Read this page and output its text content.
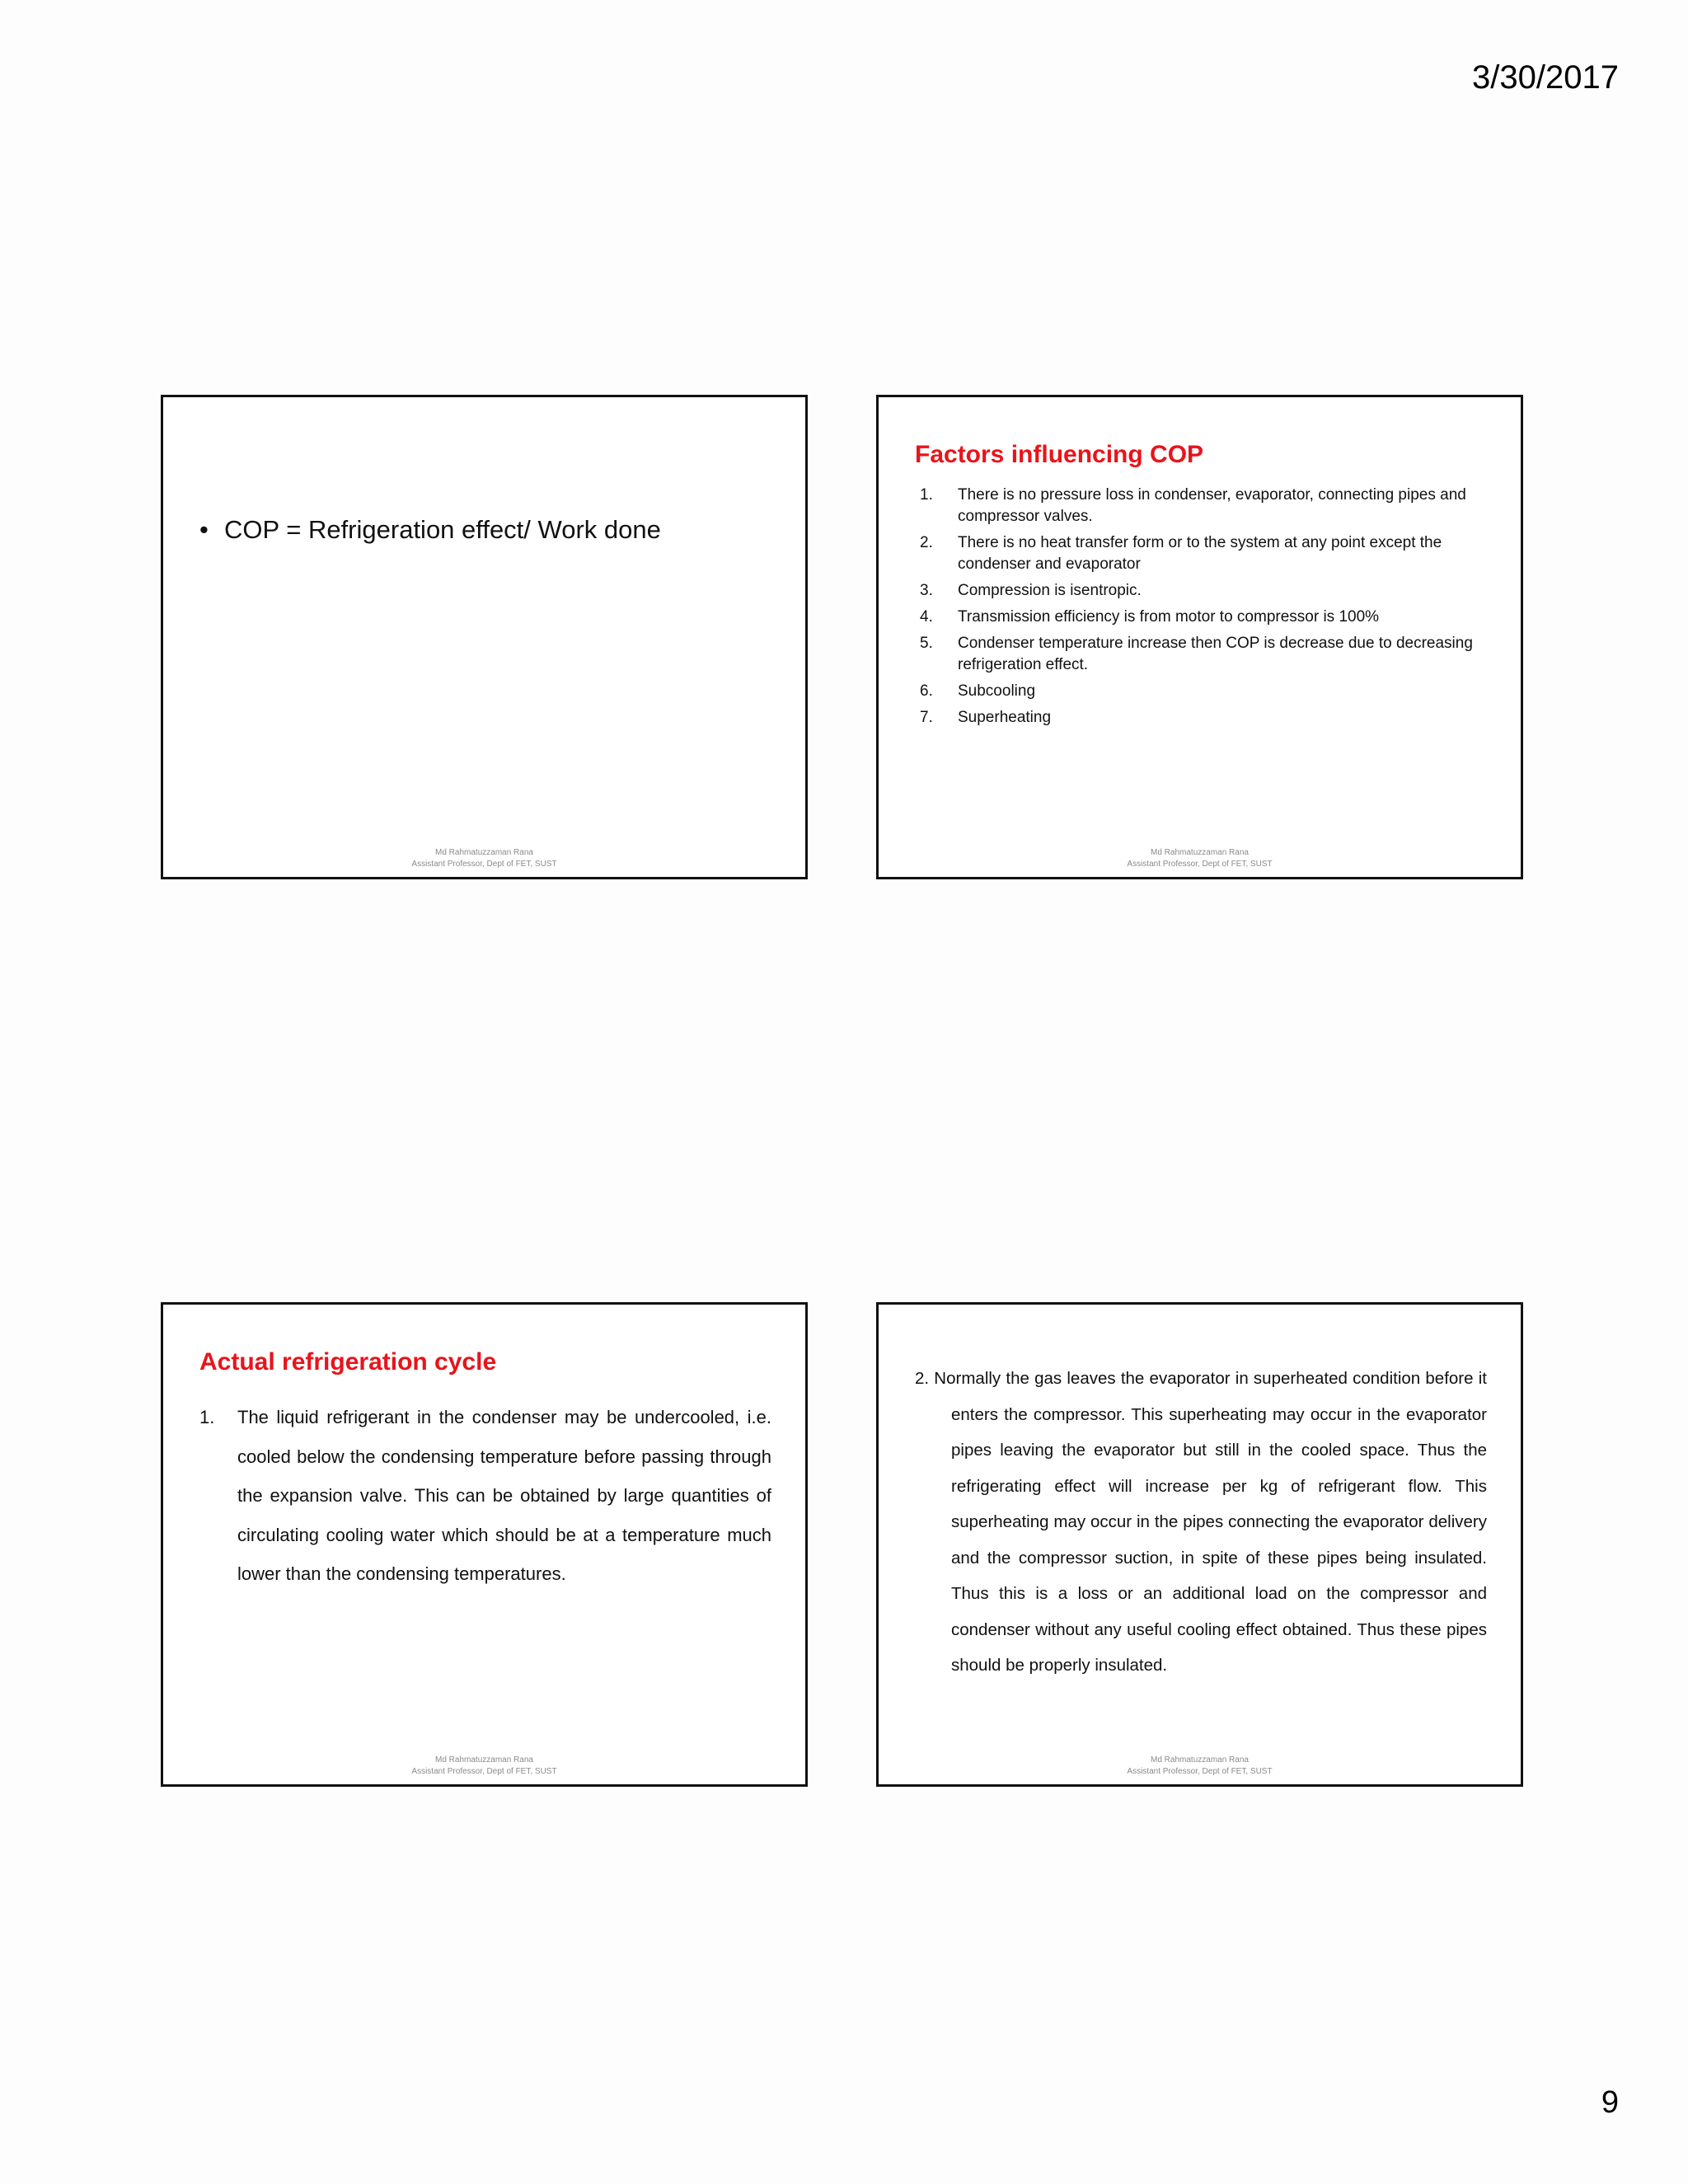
3/30/2017
• COP = Refrigeration effect/ Work done
Md Rahmatuzzaman Rana
Assistant Professor, Dept of FET, SUST
Factors influencing COP
1.	There is no pressure loss in condenser, evaporator, connecting pipes and compressor valves.
2.	There is no heat transfer form or to the system at any point except the condenser and evaporator
3.	Compression is isentropic.
4.	Transmission efficiency is from motor to compressor is 100%
5.	Condenser temperature increase then COP is decrease due to decreasing refrigeration effect.
6.	Subcooling
7.	Superheating
Md Rahmatuzzaman Rana
Assistant Professor, Dept of FET, SUST
Actual refrigeration cycle
1.	The liquid refrigerant in the condenser may be undercooled, i.e. cooled below the condensing temperature before passing through the expansion valve. This can be obtained by large quantities of circulating cooling water which should be at a temperature much lower than the condensing temperatures.
Md Rahmatuzzaman Rana
Assistant Professor, Dept of FET, SUST
2. Normally the gas leaves the evaporator in superheated condition before it enters the compressor. This superheating may occur in the evaporator pipes leaving the evaporator but still in the cooled space. Thus the refrigerating effect will increase per kg of refrigerant flow. This superheating may occur in the pipes connecting the evaporator delivery and the compressor suction, in spite of these pipes being insulated. Thus this is a loss or an additional load on the compressor and condenser without any useful cooling effect obtained. Thus these pipes should be properly insulated.
Md Rahmatuzzaman Rana
Assistant Professor, Dept of FET, SUST
9
